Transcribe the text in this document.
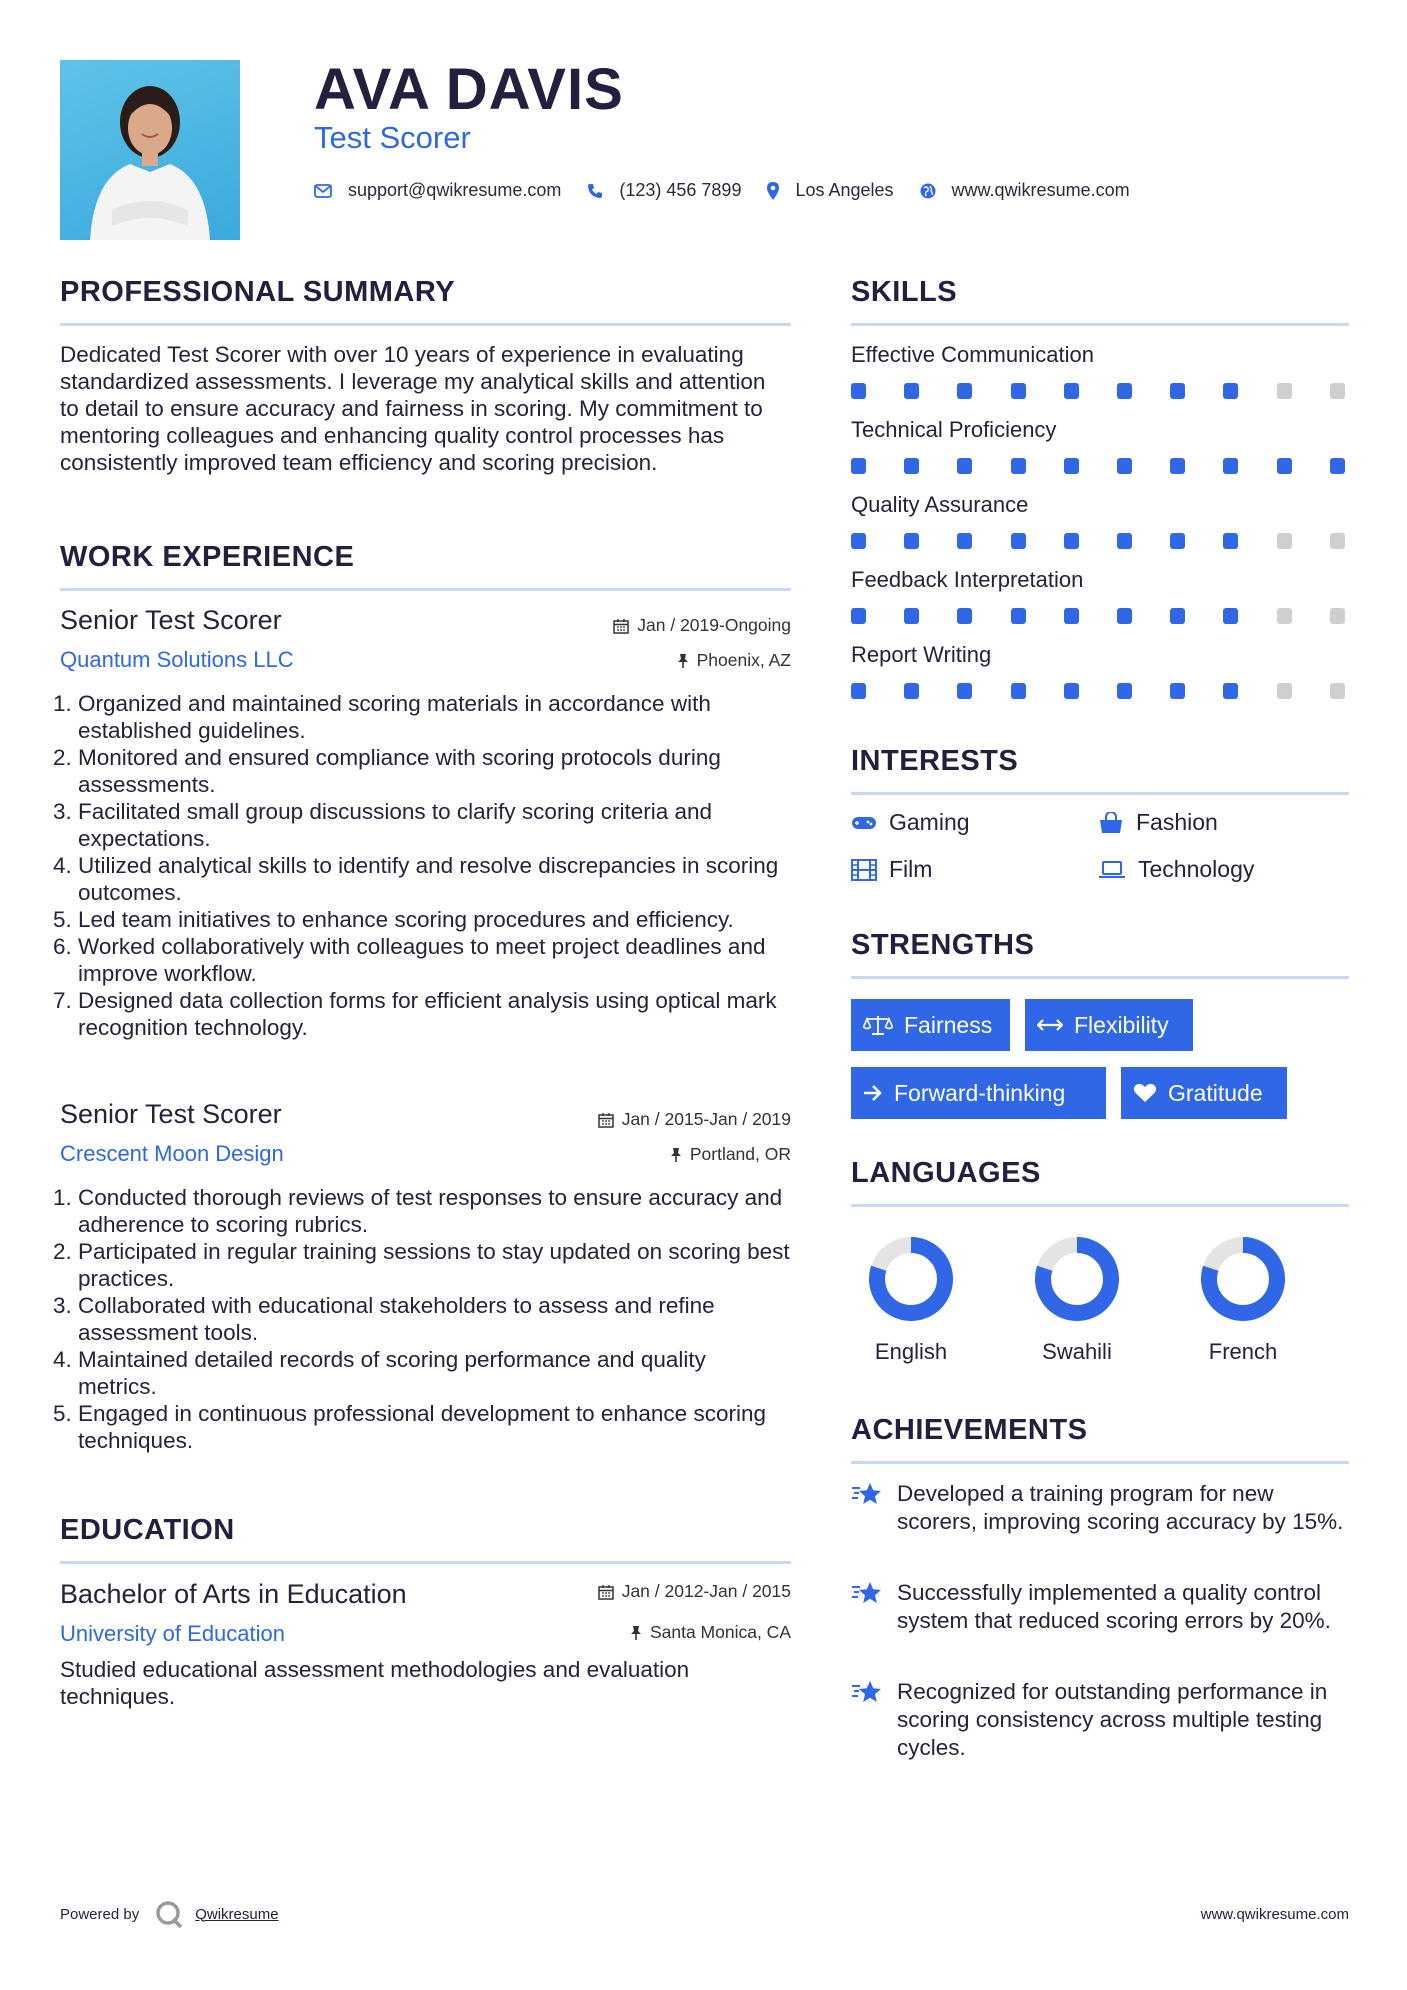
AVA DAVIS
Test Scorer
support@qwikresume.com	(123) 456 7899	Los Angeles	www.qwikresume.com
PROFESSIONAL SUMMARY
Dedicated Test Scorer with over 10 years of experience in evaluating standardized assessments. I leverage my analytical skills and attention to detail to ensure accuracy and fairness in scoring. My commitment to mentoring colleagues and enhancing quality control processes has consistently improved team efficiency and scoring precision.
WORK EXPERIENCE
Senior Test Scorer	Jan / 2019-Ongoing
Quantum Solutions LLC	Phoenix, AZ
1. Organized and maintained scoring materials in accordance with established guidelines.
2. Monitored and ensured compliance with scoring protocols during assessments.
3. Facilitated small group discussions to clarify scoring criteria and expectations.
4. Utilized analytical skills to identify and resolve discrepancies in scoring outcomes.
5. Led team initiatives to enhance scoring procedures and efficiency.
6. Worked collaboratively with colleagues to meet project deadlines and improve workflow.
7. Designed data collection forms for efficient analysis using optical mark recognition technology.
Senior Test Scorer	Jan / 2015-Jan / 2019
Crescent Moon Design	Portland, OR
1. Conducted thorough reviews of test responses to ensure accuracy and adherence to scoring rubrics.
2. Participated in regular training sessions to stay updated on scoring best practices.
3. Collaborated with educational stakeholders to assess and refine assessment tools.
4. Maintained detailed records of scoring performance and quality metrics.
5. Engaged in continuous professional development to enhance scoring techniques.
EDUCATION
Bachelor of Arts in Education	Jan / 2012-Jan / 2015
University of Education	Santa Monica, CA
Studied educational assessment methodologies and evaluation techniques.
SKILLS
Effective Communication
Technical Proficiency
Quality Assurance
Feedback Interpretation
Report Writing
INTERESTS
Gaming	Fashion
Film	Technology
STRENGTHS
Fairness	Flexibility
Forward-thinking	Gratitude
LANGUAGES
English	Swahili	French
ACHIEVEMENTS
Developed a training program for new scorers, improving scoring accuracy by 15%.
Successfully implemented a quality control system that reduced scoring errors by 20%.
Recognized for outstanding performance in scoring consistency across multiple testing cycles.
Powered by	Qwikresume	www.qwikresume.com
